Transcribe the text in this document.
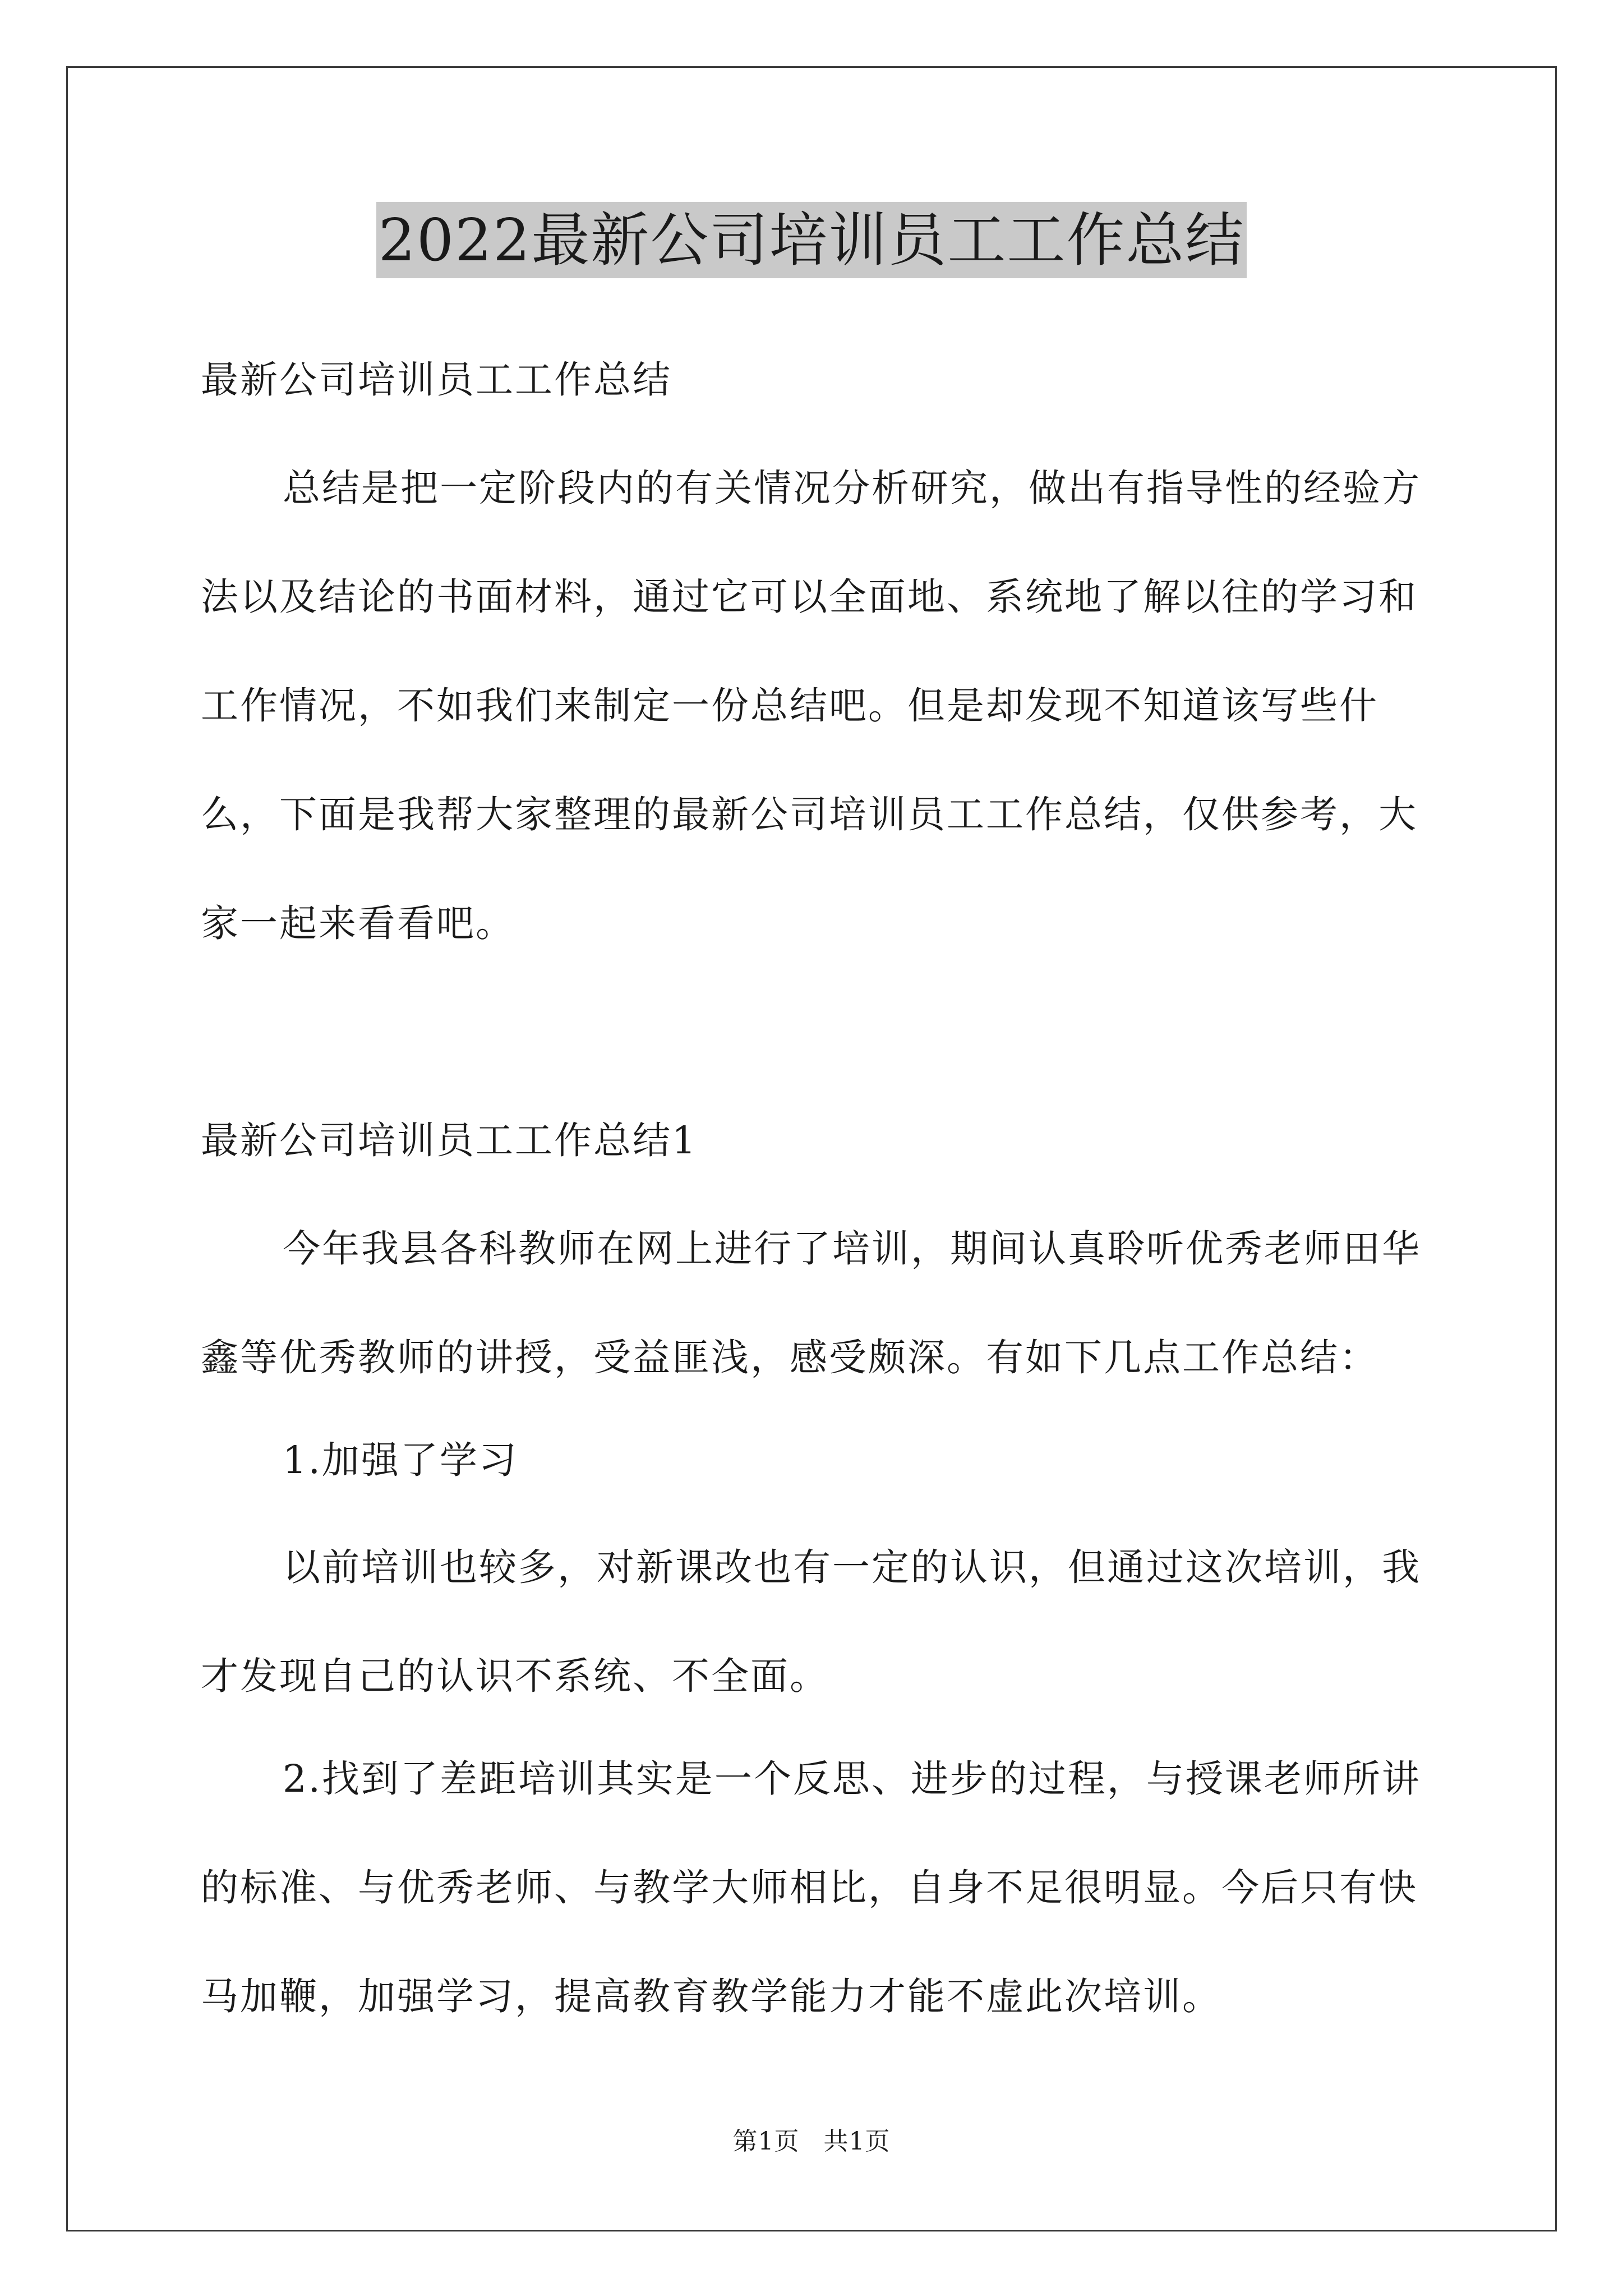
2022最新公司培训员工工作总结
最新公司培训员工工作总结
总结是把一定阶段内的有关情况分析研究，做出有指导性的经验方法以及结论的书面材料，通过它可以全面地、系统地了解以往的学习和工作情况，不如我们来制定一份总结吧。但是却发现不知道该写些什么，下面是我帮大家整理的最新公司培训员工工作总结，仅供参考，大家一起来看看吧。
最新公司培训员工工作总结1
今年我县各科教师在网上进行了培训，期间认真聆听优秀老师田华鑫等优秀教师的讲授，受益匪浅，感受颇深。有如下几点工作总结：
1.加强了学习
以前培训也较多，对新课改也有一定的认识，但通过这次培训，我才发现自己的认识不系统、不全面。
2.找到了差距培训其实是一个反思、进步的过程，与授课老师所讲的标准、与优秀老师、与教学大师相比，自身不足很明显。今后只有快马加鞭，加强学习，提高教育教学能力才能不虚此次培训。
第1页 共1页
